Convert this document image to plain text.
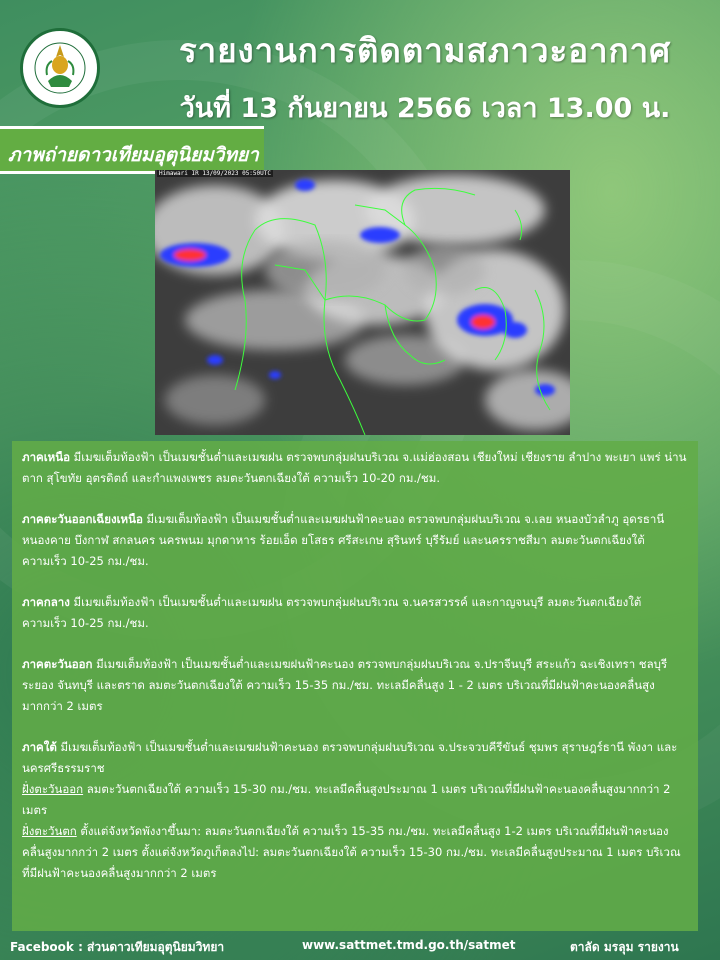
รายงานการติดตามสภาวะอากาศ
วันที่ 13 กันยายน 2566 เวลา 13.00 น.
ภาพถ่ายดาวเทียมอุตุนิยมวิทยา
Himawari IR 13/09/2023 05:50UTC

ภาคเหนือ มีเมฆเต็มท้องฟ้า เป็นเมฆชั้นต่ำและเมฆฝน ตรวจพบกลุ่มฝนบริเวณ จ.แม่ฮ่องสอน เชียงใหม่ เชียงราย ลำปาง พะเยา แพร่ น่าน ตาก สุโขทัย อุตรดิตถ์ และกำแพงเพชร ลมตะวันตกเฉียงใต้ ความเร็ว 10-20 กม./ชม.

ภาคตะวันออกเฉียงเหนือ มีเมฆเต็มท้องฟ้า เป็นเมฆชั้นต่ำและเมฆฝนฟ้าคะนอง ตรวจพบกลุ่มฝนบริเวณ จ.เลย หนองบัวลำภู อุดรธานี หนองคาย บึงกาฬ สกลนคร นครพนม มุกดาหาร ร้อยเอ็ด ยโสธร ศรีสะเกษ สุรินทร์ บุรีรัมย์ และนครราชสีมา ลมตะวันตกเฉียงใต้ ความเร็ว 10-25 กม./ชม.

ภาคกลาง มีเมฆเต็มท้องฟ้า เป็นเมฆชั้นต่ำและเมฆฝน ตรวจพบกลุ่มฝนบริเวณ จ.นครสวรรค์ และกาญจนบุรี ลมตะวันตกเฉียงใต้ ความเร็ว 10-25 กม./ชม.

ภาคตะวันออก มีเมฆเต็มท้องฟ้า เป็นเมฆชั้นต่ำและเมฆฝนฟ้าคะนอง ตรวจพบกลุ่มฝนบริเวณ จ.ปราจีนบุรี สระแก้ว ฉะเชิงเทรา ชลบุรี ระยอง จันทบุรี และตราด ลมตะวันตกเฉียงใต้ ความเร็ว 15-35 กม./ชม. ทะเลมีคลื่นสูง 1 - 2 เมตร บริเวณที่มีฝนฟ้าคะนองคลื่นสูงมากกว่า 2 เมตร

ภาคใต้ มีเมฆเต็มท้องฟ้า เป็นเมฆชั้นต่ำและเมฆฝนฟ้าคะนอง ตรวจพบกลุ่มฝนบริเวณ จ.ประจวบคีรีขันธ์ ชุมพร สุราษฎร์ธานี พังงา และนครศรีธรรมราช
ฝั่งตะวันออก ลมตะวันตกเฉียงใต้ ความเร็ว 15-30 กม./ชม. ทะเลมีคลื่นสูงประมาณ 1 เมตร บริเวณที่มีฝนฟ้าคะนองคลื่นสูงมากกว่า 2 เมตร
ฝั่งตะวันตก ตั้งแต่จังหวัดพังงาขึ้นมา: ลมตะวันตกเฉียงใต้ ความเร็ว 15-35 กม./ชม. ทะเลมีคลื่นสูง 1-2 เมตร บริเวณที่มีฝนฟ้าคะนองคลื่นสูงมากกว่า 2 เมตร ตั้งแต่จังหวัดภูเก็ตลงไป: ลมตะวันตกเฉียงใต้ ความเร็ว 15-30 กม./ชม. ทะเลมีคลื่นสูงประมาณ 1 เมตร บริเวณที่มีฝนฟ้าคะนองคลื่นสูงมากกว่า 2 เมตร

Facebook : ส่วนดาวเทียมอุตุนิยมวิทยา	www.sattmet.tmd.go.th/satmet	ตาลัด มรลุม รายงาน
